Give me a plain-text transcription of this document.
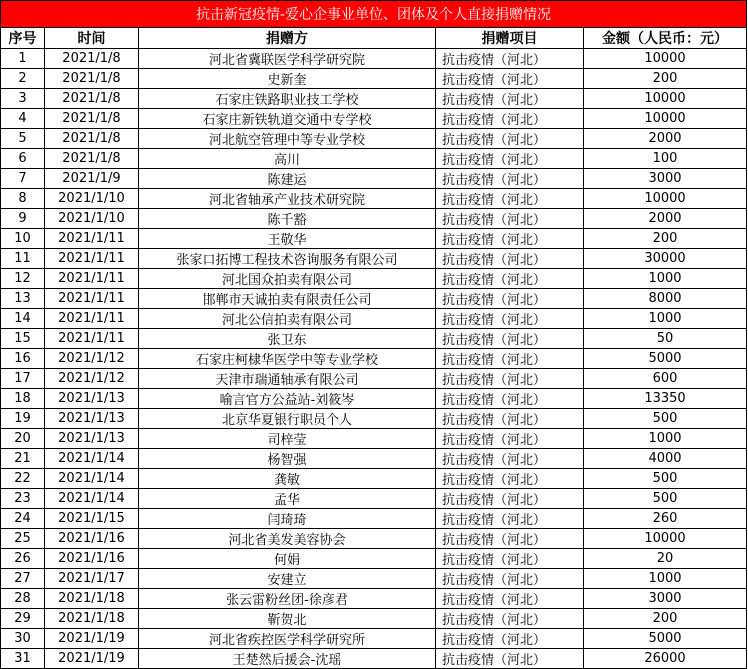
抗击新冠疫情-爱心企事业单位、团体及个人直接捐赠情况				
序号	时间	捐赠方	捐赠项目	金额（人民币：元）
1	2021/1/8	河北省冀联医学科学研究院	抗击疫情（河北）	10000
2	2021/1/8	史新奎	抗击疫情（河北）	200
3	2021/1/8	石家庄铁路职业技工学校	抗击疫情（河北）	10000
4	2021/1/8	石家庄新铁轨道交通中专学校	抗击疫情（河北）	10000
5	2021/1/8	河北航空管理中等专业学校	抗击疫情（河北）	2000
6	2021/1/8	高川	抗击疫情（河北）	100
7	2021/1/9	陈建运	抗击疫情（河北）	3000
8	2021/1/10	河北省轴承产业技术研究院	抗击疫情（河北）	10000
9	2021/1/10	陈千豁	抗击疫情（河北）	2000
10	2021/1/11	王敬华	抗击疫情（河北）	200
11	2021/1/11	张家口拓博工程技术咨询服务有限公司	抗击疫情（河北）	30000
12	2021/1/11	河北国众拍卖有限公司	抗击疫情（河北）	1000
13	2021/1/11	邯郸市天诚拍卖有限责任公司	抗击疫情（河北）	8000
14	2021/1/11	河北公信拍卖有限公司	抗击疫情（河北）	1000
15	2021/1/11	张卫东	抗击疫情（河北）	50
16	2021/1/12	石家庄柯棣华医学中等专业学校	抗击疫情（河北）	5000
17	2021/1/12	天津市瑞通轴承有限公司	抗击疫情（河北）	600
18	2021/1/13	喻言官方公益站-刘筱岑	抗击疫情（河北）	13350
19	2021/1/13	北京华夏银行职员个人	抗击疫情（河北）	500
20	2021/1/13	司梓莹	抗击疫情（河北）	1000
21	2021/1/14	杨智强	抗击疫情（河北）	4000
22	2021/1/14	龚敏	抗击疫情（河北）	500
23	2021/1/14	孟华	抗击疫情（河北）	500
24	2021/1/15	闫琦琦	抗击疫情（河北）	260
25	2021/1/16	河北省美发美容协会	抗击疫情（河北）	10000
26	2021/1/16	何娟	抗击疫情（河北）	20
27	2021/1/17	安建立	抗击疫情（河北）	1000
28	2021/1/18	张云雷粉丝团-徐彦君	抗击疫情（河北）	3000
29	2021/1/18	靳贺北	抗击疫情（河北）	200
30	2021/1/19	河北省疾控医学科学研究所	抗击疫情（河北）	5000
31	2021/1/19	王楚然后援会-沈瑶	抗击疫情（河北）	26000
